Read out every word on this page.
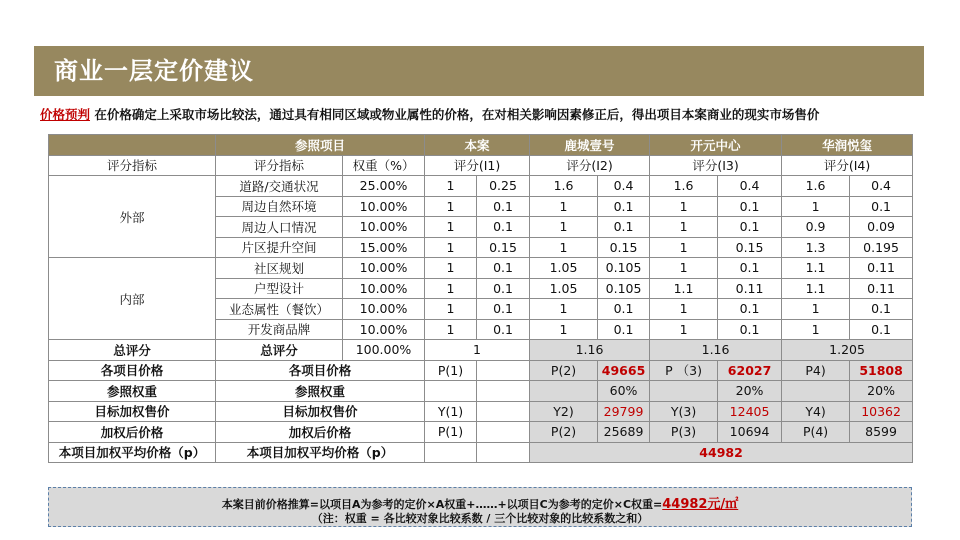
商业一层定价建议
价格预判 在价格确定上采取市场比较法，通过具有相同区域或物业属性的价格，在对相关影响因素修正后，得出项目本案商业的现实市场售价
	参照项目		本案		鹿城壹号		开元中心		华润悦玺	
评分指标	评分指标	权重（%）	评分(I1)		评分(I2)		评分(I3)		评分(I4)	
外部	道路/交通状况	25.00%	1	0.25	1.6	0.4	1.6	0.4	1.6	0.4
	周边自然环境	10.00%	1	0.1	1	0.1	1	0.1	1	0.1
	周边人口情况	10.00%	1	0.1	1	0.1	1	0.1	0.9	0.09
	片区提升空间	15.00%	1	0.15	1	0.15	1	0.15	1.3	0.195
内部	社区规划	10.00%	1	0.1	1.05	0.105	1	0.1	1.1	0.11
	户型设计	10.00%	1	0.1	1.05	0.105	1.1	0.11	1.1	0.11
	业态属性（餐饮）	10.00%	1	0.1	1	0.1	1	0.1	1	0.1
	开发商品牌	10.00%	1	0.1	1	0.1	1	0.1	1	0.1
总评分	总评分	100.00%	1		1.16		1.16		1.205	
各项目价格	各项目价格		P(1)		P(2)	49665	P （3)	62027	P4)	51808
参照权重	参照权重					60%		20%		20%
目标加权售价	目标加权售价		Y(1)		Y2)	29799	Y(3)	12405	Y4)	10362
加权后价格	加权后价格		P(1)		P(2)	25689	P(3)	10694	P(4)	8599
本项目加权平均价格（p）	本项目加权平均价格（p）				44982					
本案目前价格推算=以项目A为参考的定价×A权重+……+以项目C为参考的定价×C权重=44982元/㎡
（注：权重 = 各比较对象比较系数 / 三个比较对象的比较系数之和）
